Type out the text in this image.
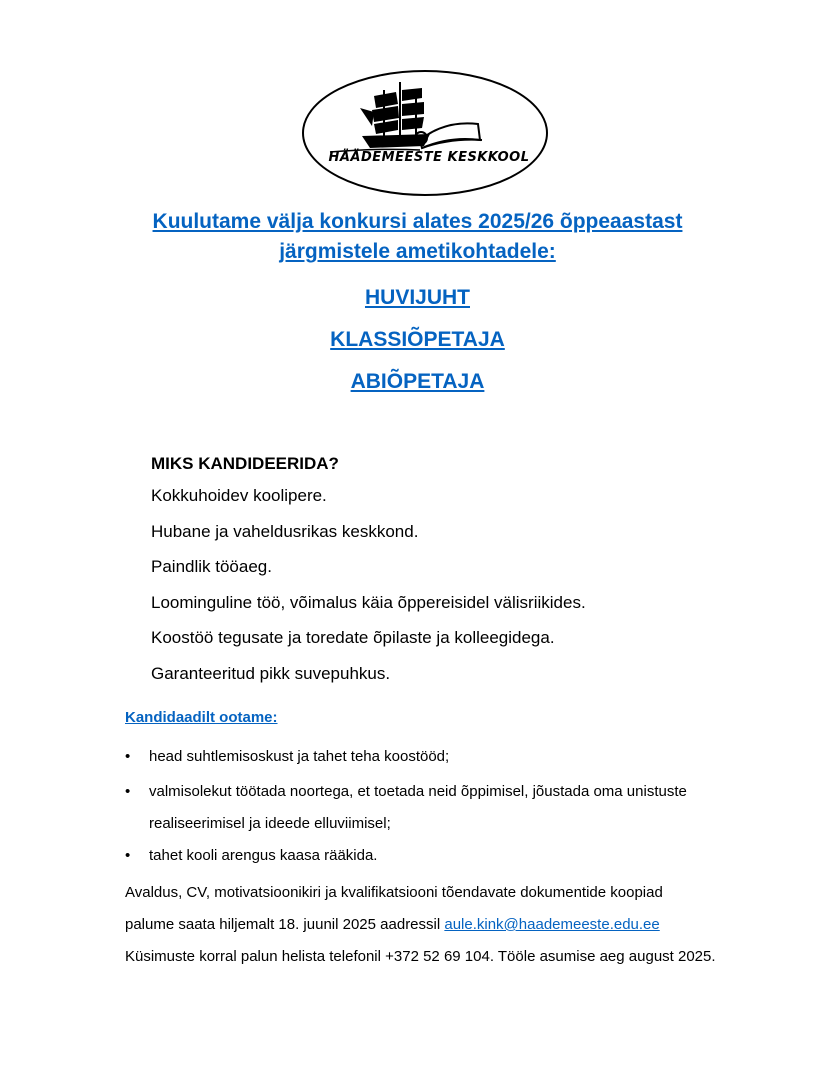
HÄÄDEMEESTE KESKKOOL
Kuulutame välja konkursi alates 2025/26 õppeaastast
järgmistele ametikohtadele:
HUVIJUHT
KLASSIÕPETAJA
ABIÕPETAJA
MIKS KANDIDEERIDA?
Kokkuhoidev koolipere.
Hubane ja vaheldusrikas keskkond.
Paindlik tööaeg.
Loominguline töö, võimalus käia õppereisidel välisriikides.
Koostöö tegusate ja toredate õpilaste ja kolleegidega.
Garanteeritud pikk suvepuhkus.
Kandidaadilt ootame:
• head suhtlemisoskust ja tahet teha koostööd;
• valmisolekut töötada noortega, et toetada neid õppimisel, jõustada oma unistuste
realiseerimisel ja ideede elluviimisel;
• tahet kooli arengus kaasa rääkida.
Avaldus, CV, motivatsioonikiri ja kvalifikatsiooni tõendavate dokumentide koopiad
palume saata hiljemalt 18. juunil 2025 aadressil aule.kink@haademeeste.edu.ee
Küsimuste korral palun helista telefonil +372 52 69 104. Tööle asumise aeg august 2025.
